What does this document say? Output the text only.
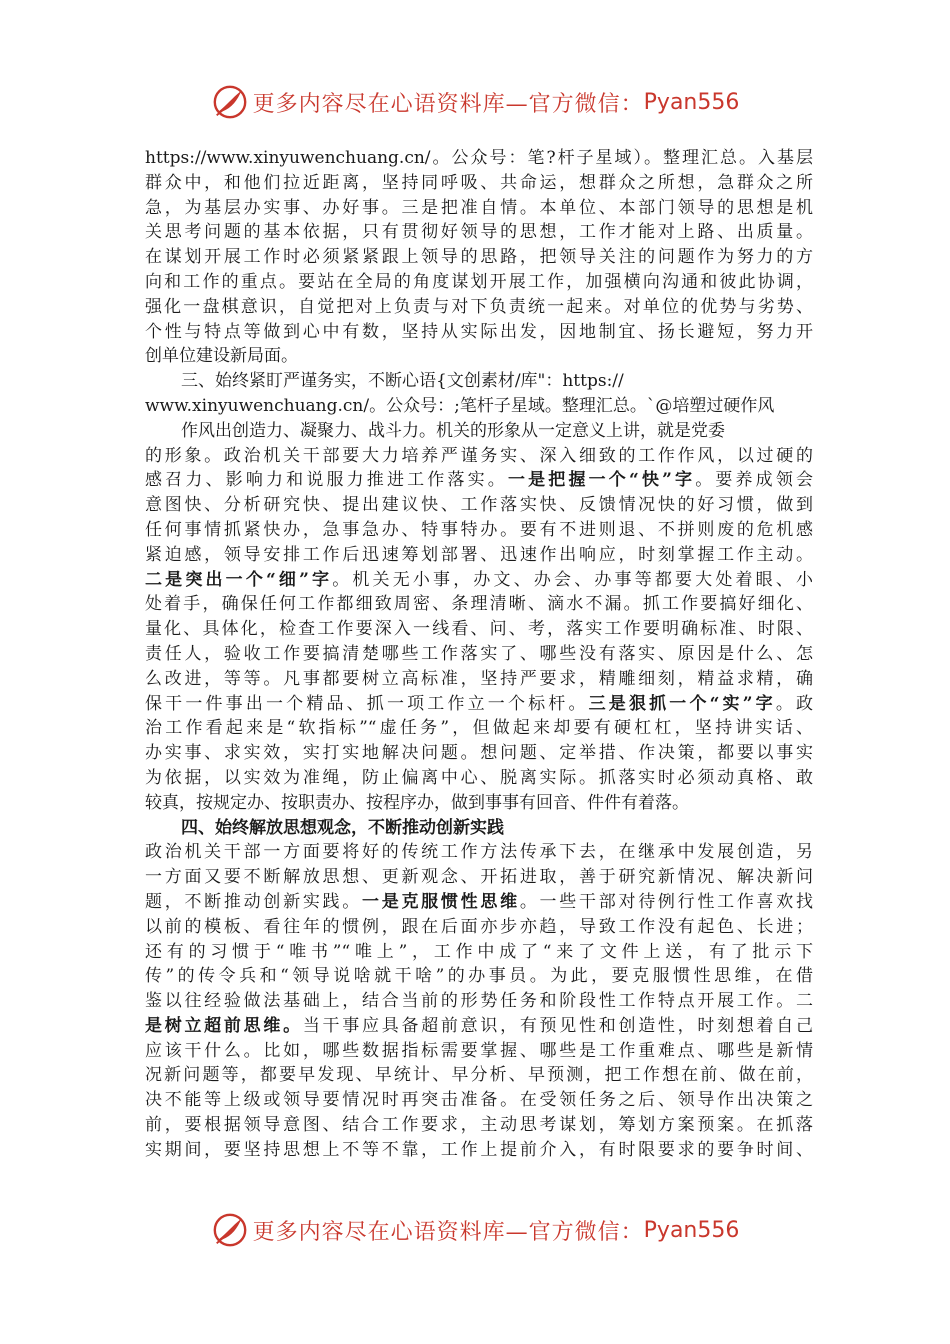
更多内容尽在心语资料库—官方微信： Pyan556
https://www.xinyuwenchuang.cn/。公众号：笔?杆子星域）。整理汇总。入基层
群众中，和他们拉近距离，坚持同呼吸、共命运，想群众之所想，急群众之所
急，为基层办实事、办好事。三是把准自情。本单位、本部门领导的思想是机
关思考问题的基本依据，只有贯彻好领导的思想，工作才能对上路、出质量。
在谋划开展工作时必须紧紧跟上领导的思路，把领导关注的问题作为努力的方
向和工作的重点。要站在全局的角度谋划开展工作，加强横向沟通和彼此协调，
强化一盘棋意识，自觉把对上负责与对下负责统一起来。对单位的优势与劣势、
个性与特点等做到心中有数，坚持从实际出发，因地制宜、扬长避短，努力开
创单位建设新局面。
三、始终紧盯严谨务实，不断心语{文创素材/库"：https://
www.xinyuwenchuang.cn/。公众号：;笔杆子星域。整理汇总。`@培塑过硬作风
作风出创造力、凝聚力、战斗力。机关的形象从一定意义上讲，就是党委
的形象。政治机关干部要大力培养严谨务实、深入细致的工作作风，以过硬的
感召力、影响力和说服力推进工作落实。一是把握一个“快”字。要养成领会
意图快、分析研究快、提出建议快、工作落实快、反馈情况快的好习惯，做到
任何事情抓紧快办，急事急办、特事特办。要有不进则退、不拼则废的危机感
紧迫感，领导安排工作后迅速筹划部署、迅速作出响应，时刻掌握工作主动。
二是突出一个“细”字。机关无小事，办文、办会、办事等都要大处着眼、小
处着手，确保任何工作都细致周密、条理清晰、滴水不漏。抓工作要搞好细化、
量化、具体化，检查工作要深入一线看、问、考，落实工作要明确标准、时限、
责任人，验收工作要搞清楚哪些工作落实了、哪些没有落实、原因是什么、怎
么改进，等等。凡事都要树立高标准，坚持严要求，精雕细刻，精益求精，确
保干一件事出一个精品、抓一项工作立一个标杆。三是狠抓一个“实”字。政
治工作看起来是“软指标”“虚任务”，但做起来却要有硬杠杠，坚持讲实话、
办实事、求实效，实打实地解决问题。想问题、定举措、作决策，都要以事实
为依据，以实效为准绳，防止偏离中心、脱离实际。抓落实时必须动真格、敢
较真，按规定办、按职责办、按程序办，做到事事有回音、件件有着落。
四、始终解放思想观念，不断推动创新实践
政治机关干部一方面要将好的传统工作方法传承下去，在继承中发展创造，另
一方面又要不断解放思想、更新观念、开拓进取，善于研究新情况、解决新问
题，不断推动创新实践。一是克服惯性思维。一些干部对待例行性工作喜欢找
以前的模板、看往年的惯例，跟在后面亦步亦趋，导致工作没有起色、长进；
还有的习惯于“唯书”“唯上”，工作中成了“来了文件上送，有了批示下
传”的传令兵和“领导说啥就干啥”的办事员。为此，要克服惯性思维，在借
鉴以往经验做法基础上，结合当前的形势任务和阶段性工作特点开展工作。二
是树立超前思维。当干事应具备超前意识，有预见性和创造性，时刻想着自己
应该干什么。比如，哪些数据指标需要掌握、哪些是工作重难点、哪些是新情
况新问题等，都要早发现、早统计、早分析、早预测，把工作想在前、做在前，
决不能等上级或领导要情况时再突击准备。在受领任务之后、领导作出决策之
前，要根据领导意图、结合工作要求，主动思考谋划，筹划方案预案。在抓落
实期间，要坚持思想上不等不靠，工作上提前介入，有时限要求的要争时间、
更多内容尽在心语资料库—官方微信： Pyan556
